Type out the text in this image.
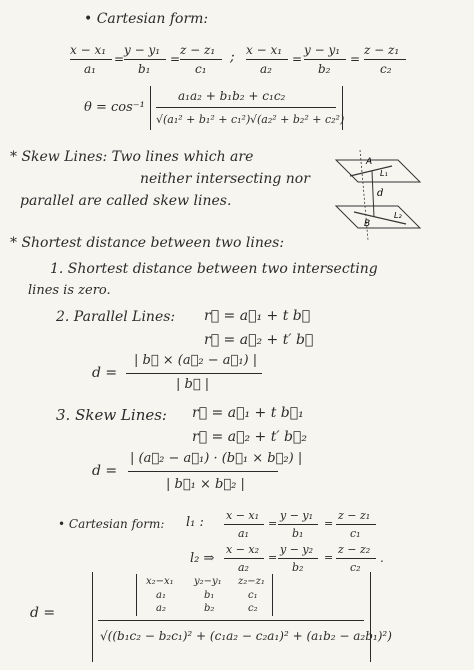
• Cartesian form:
x − x₁
a₁
=
y − y₁
b₁
=
z − z₁
c₁
; x − x₁
a₂
=
y − y₁
b₂
=
z − z₁
c₂
θ = cos⁻¹
a₁a₂ + b₁b₂ + c₁c₂
√(a₁² + b₁² + c₁²) √(a₂² + b₂² + c₂²)
* Skew Lines: Two lines which are
neither intersecting nor
parallel are called skew lines.
A
B
L₁
L₂
d
* Shortest distance between two lines:
1. Shortest distance between two intersecting
lines is zero.
2. Parallel Lines: r⃗ = a⃗₁ + t b⃗
r⃗ = a⃗₂ + t′ b⃗
d =
| b⃗ × (a⃗₂ − a⃗₁) |
| b⃗ |
3. Skew Lines: r⃗ = a⃗₁ + t b⃗₁
r⃗ = a⃗₂ + t′ b⃗₂
d =
| (a⃗₂ − a⃗₁) · (b⃗₁ × b⃗₂) |
| b⃗₁ × b⃗₂ |
• Cartesian form: l₁ : x − x₁
a₁
=
y − y₁
b₁
=
z − z₁
c₁
l₂ ⇒
x − x₂
a₂
=
y − y₂
b₂
=
z − z₂
c₂
.
d =
x₂−x₁ y₂−y₁ z₂−z₁
a₁	b₁	c₁
a₂	b₂	c₂
√((b₁c₂ − b₂c₁)² + (c₁a₂ − c₂a₁)² + (a₁b₂ − a₂b₁)²)
